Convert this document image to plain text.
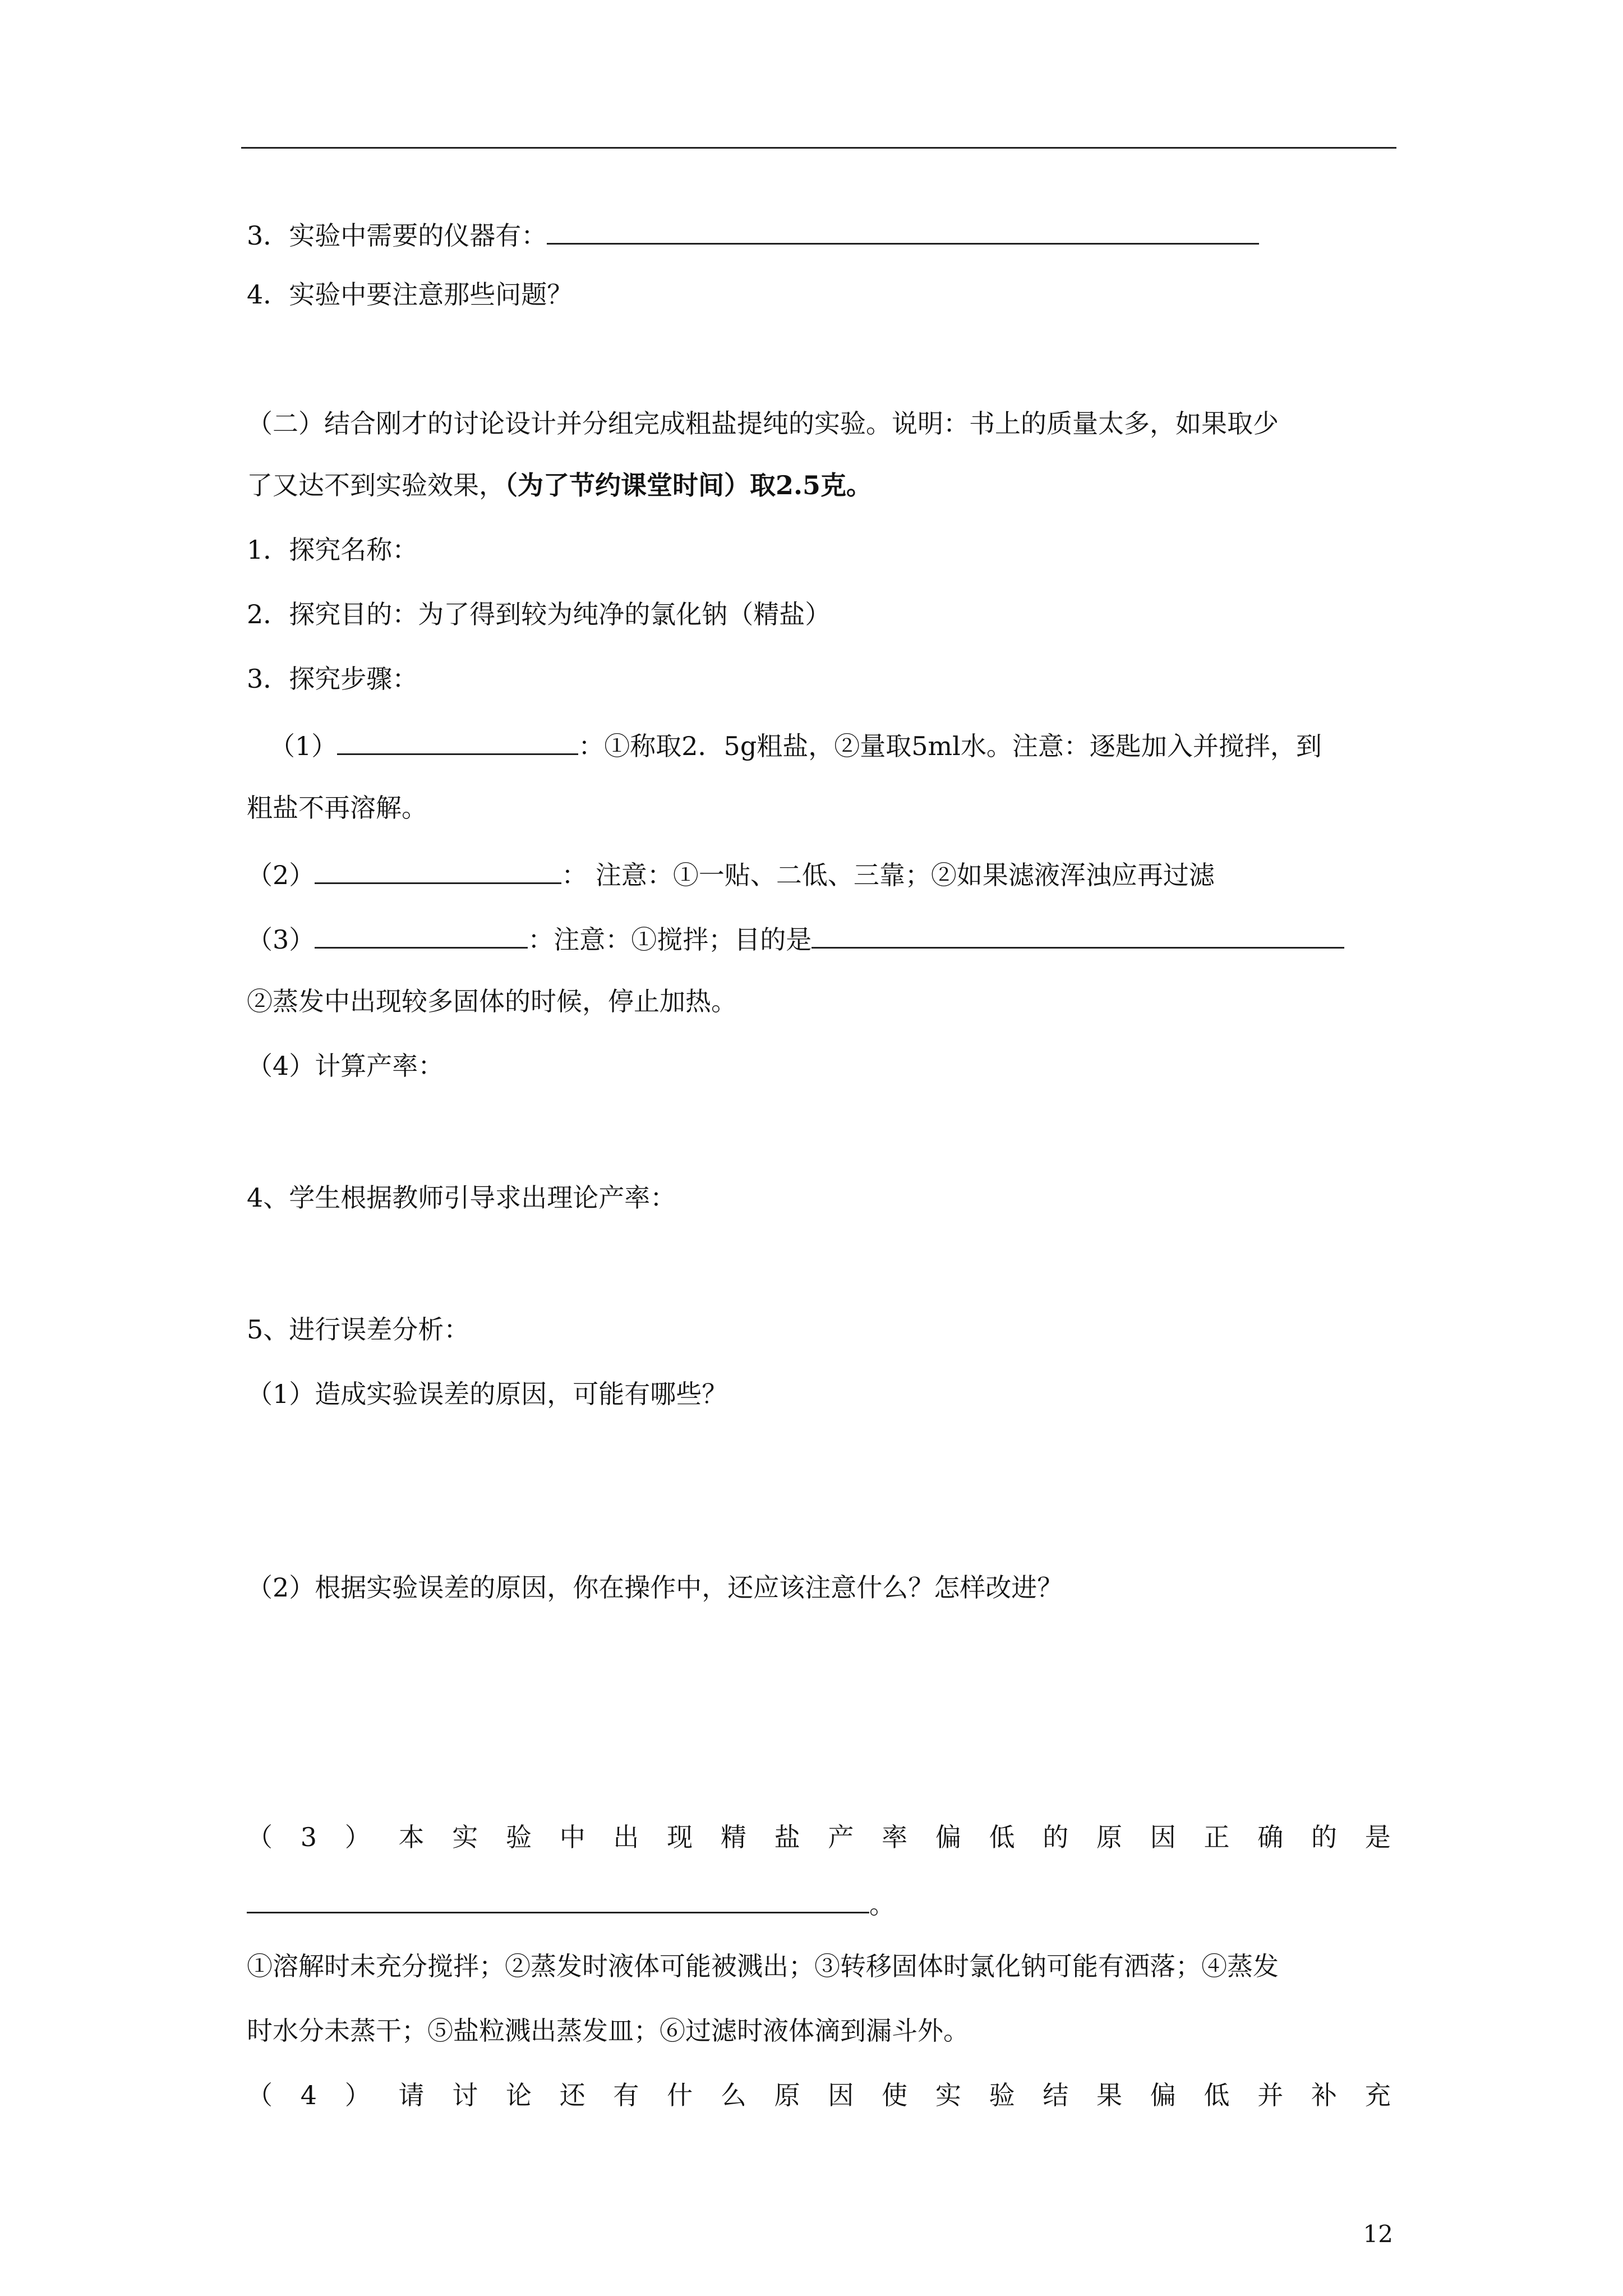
3．实验中需要的仪器有：
4．实验中要注意那些问题？
（二）结合刚才的讨论设计并分组完成粗盐提纯的实验。说明：书上的质量太多，如果取少
了又达不到实验效果，（为了节约课堂时间）取2.5克。
1．探究名称：
2．探究目的：为了得到较为纯净的氯化钠（精盐）
3．探究步骤：
（1）	：①称取2．5g粗盐，②量取5ml水。注意：逐匙加入并搅拌，到
粗盐不再溶解。
（2）	： 注意：①一贴、二低、三靠；②如果滤液浑浊应再过滤
（3）	：注意：①搅拌；目的是
②蒸发中出现较多固体的时候，停止加热。
（4）计算产率：
4、学生根据教师引导求出理论产率：
5、进行误差分析：
（1）造成实验误差的原因，可能有哪些？
（2）根据实验误差的原因，你在操作中，还应该注意什么？怎样改进？
（ 3 ） 本 实 验 中 出 现 精 盐 产 率 偏 低 的 原 因 正 确 的 是
。
①溶解时未充分搅拌；②蒸发时液体可能被溅出；③转移固体时氯化钠可能有洒落；④蒸发
时水分未蒸干；⑤盐粒溅出蒸发皿；⑥过滤时液体滴到漏斗外。
（ 4 ） 请 讨 论 还 有 什 么 原 因 使 实 验 结 果 偏 低 并 补 充
12
